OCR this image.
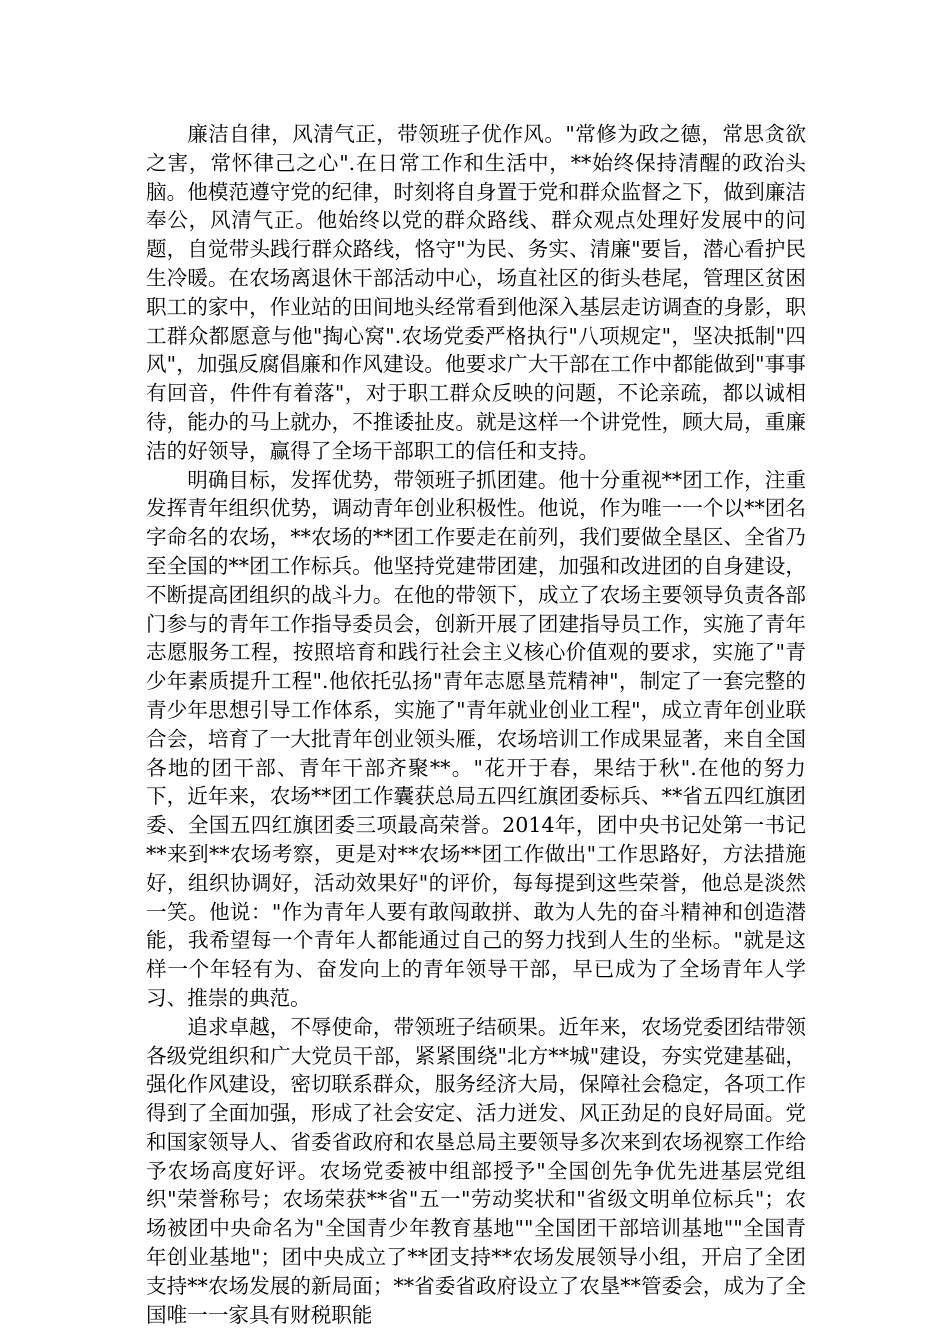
廉洁自律，风清气正，带领班子优作风。"常修为政之德，常思贪欲之害，常怀律己之心".在日常工作和生活中，**始终保持清醒的政治头脑。他模范遵守党的纪律，时刻将自身置于党和群众监督之下，做到廉洁奉公，风清气正。他始终以党的群众路线、群众观点处理好发展中的问题，自觉带头践行群众路线，恪守"为民、务实、清廉"要旨，潜心看护民生冷暖。在农场离退休干部活动中心，场直社区的街头巷尾，管理区贫困职工的家中，作业站的田间地头经常看到他深入基层走访调查的身影，职工群众都愿意与他"掏心窝".农场党委严格执行"八项规定"，坚决抵制"四风"，加强反腐倡廉和作风建设。他要求广大干部在工作中都能做到"事事有回音，件件有着落"，对于职工群众反映的问题，不论亲疏，都以诚相待，能办的马上就办，不推诿扯皮。就是这样一个讲党性，顾大局，重廉洁的好领导，赢得了全场干部职工的信任和支持。

明确目标，发挥优势，带领班子抓团建。他十分重视**团工作，注重发挥青年组织优势，调动青年创业积极性。他说，作为唯一一个以**团名字命名的农场，**农场的**团工作要走在前列，我们要做全垦区、全省乃至全国的**团工作标兵。他坚持党建带团建，加强和改进团的自身建设，不断提高团组织的战斗力。在他的带领下，成立了农场主要领导负责各部门参与的青年工作指导委员会，创新开展了团建指导员工作，实施了青年志愿服务工程，按照培育和践行社会主义核心价值观的要求，实施了"青少年素质提升工程".他依托弘扬"青年志愿垦荒精神"，制定了一套完整的青少年思想引导工作体系，实施了"青年就业创业工程"，成立青年创业联合会，培育了一大批青年创业领头雁，农场培训工作成果显著，来自全国各地的团干部、青年干部齐聚**。"花开于春，果结于秋".在他的努力下，近年来，农场**团工作囊获总局五四红旗团委标兵、**省五四红旗团委、全国五四红旗团委三项最高荣誉。2014年，团中央书记处第一书记**来到**农场考察，更是对**农场**团工作做出"工作思路好，方法措施好，组织协调好，活动效果好"的评价，每每提到这些荣誉，他总是淡然一笑。他说："作为青年人要有敢闯敢拼、敢为人先的奋斗精神和创造潜能，我希望每一个青年人都能通过自己的努力找到人生的坐标。"就是这样一个年轻有为、奋发向上的青年领导干部，早已成为了全场青年人学习、推崇的典范。

追求卓越，不辱使命，带领班子结硕果。近年来，农场党委团结带领各级党组织和广大党员干部，紧紧围绕"北方**城"建设，夯实党建基础，强化作风建设，密切联系群众，服务经济大局，保障社会稳定，各项工作得到了全面加强，形成了社会安定、活力迸发、风正劲足的良好局面。党和国家领导人、省委省政府和农垦总局主要领导多次来到农场视察工作给予农场高度好评。农场党委被中组部授予"全国创先争优先进基层党组织"荣誉称号；农场荣获**省"五一"劳动奖状和"省级文明单位标兵"；农场被团中央命名为"全国青少年教育基地""全国团干部培训基地""全国青年创业基地"；团中央成立了**团支持**农场发展领导小组，开启了全团支持**农场发展的新局面；**省委省政府设立了农垦**管委会，成为了全国唯一一家具有财税职能
